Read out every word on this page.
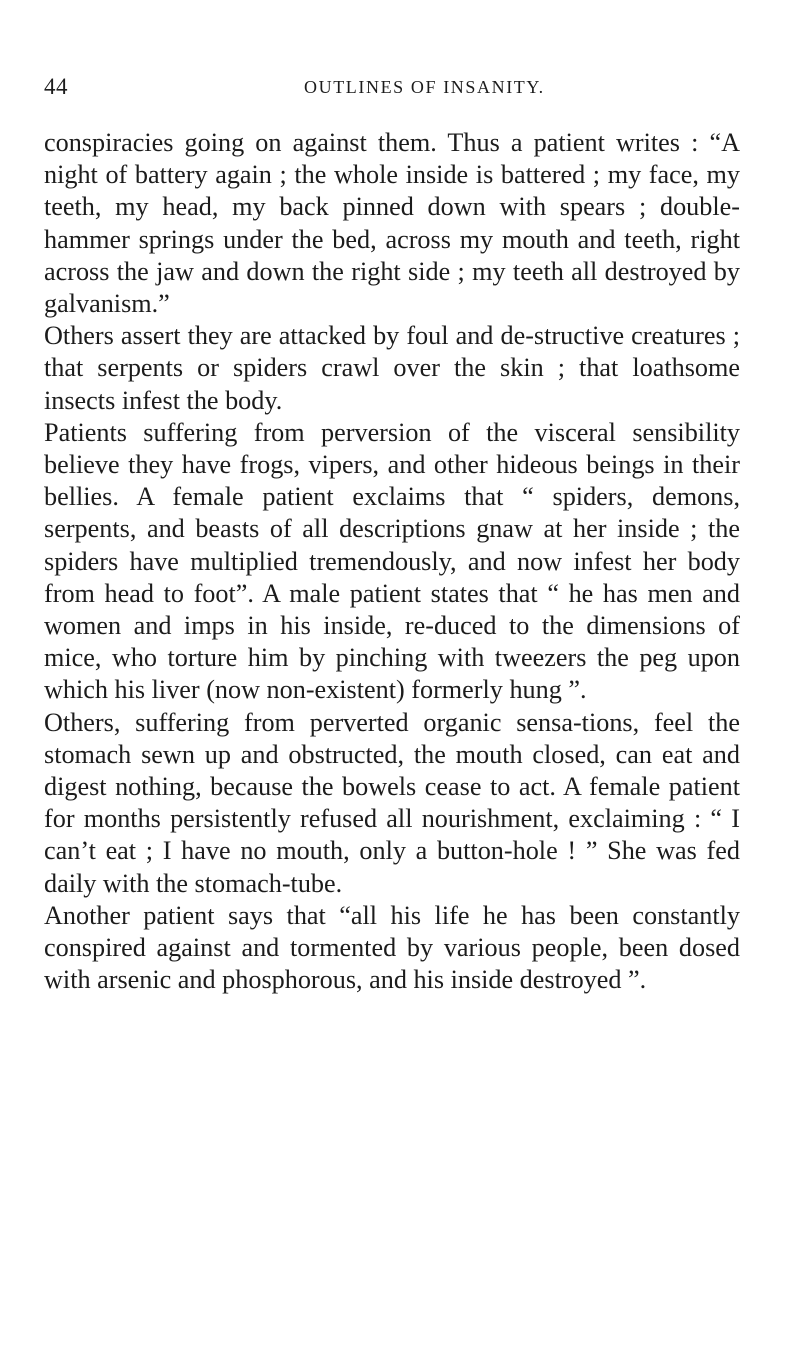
44	OUTLINES OF INSANITY.

conspiracies going on against them. Thus a patient writes : “A night of battery again ; the whole inside is battered ; my face, my teeth, my head, my back pinned down with spears ; double-hammer springs under the bed, across my mouth and teeth, right across the jaw and down the right side ; my teeth all destroyed by galvanism.”

Others assert they are attacked by foul and de-structive creatures ; that serpents or spiders crawl over the skin ; that loathsome insects infest the body.

Patients suffering from perversion of the visceral sensibility believe they have frogs, vipers, and other hideous beings in their bellies. A female patient exclaims that “ spiders, demons, serpents, and beasts of all descriptions gnaw at her inside ; the spiders have multiplied tremendously, and now infest her body from head to foot”. A male patient states that “ he has men and women and imps in his inside, re-duced to the dimensions of mice, who torture him by pinching with tweezers the peg upon which his liver (now non-existent) formerly hung ”.

Others, suffering from perverted organic sensa-tions, feel the stomach sewn up and obstructed, the mouth closed, can eat and digest nothing, because the bowels cease to act. A female patient for months persistently refused all nourishment, exclaiming : “ I can’t eat ; I have no mouth, only a button-hole ! ” She was fed daily with the stomach-tube.

Another patient says that “all his life he has been constantly conspired against and tormented by various people, been dosed with arsenic and phosphorous, and his inside destroyed ”.
